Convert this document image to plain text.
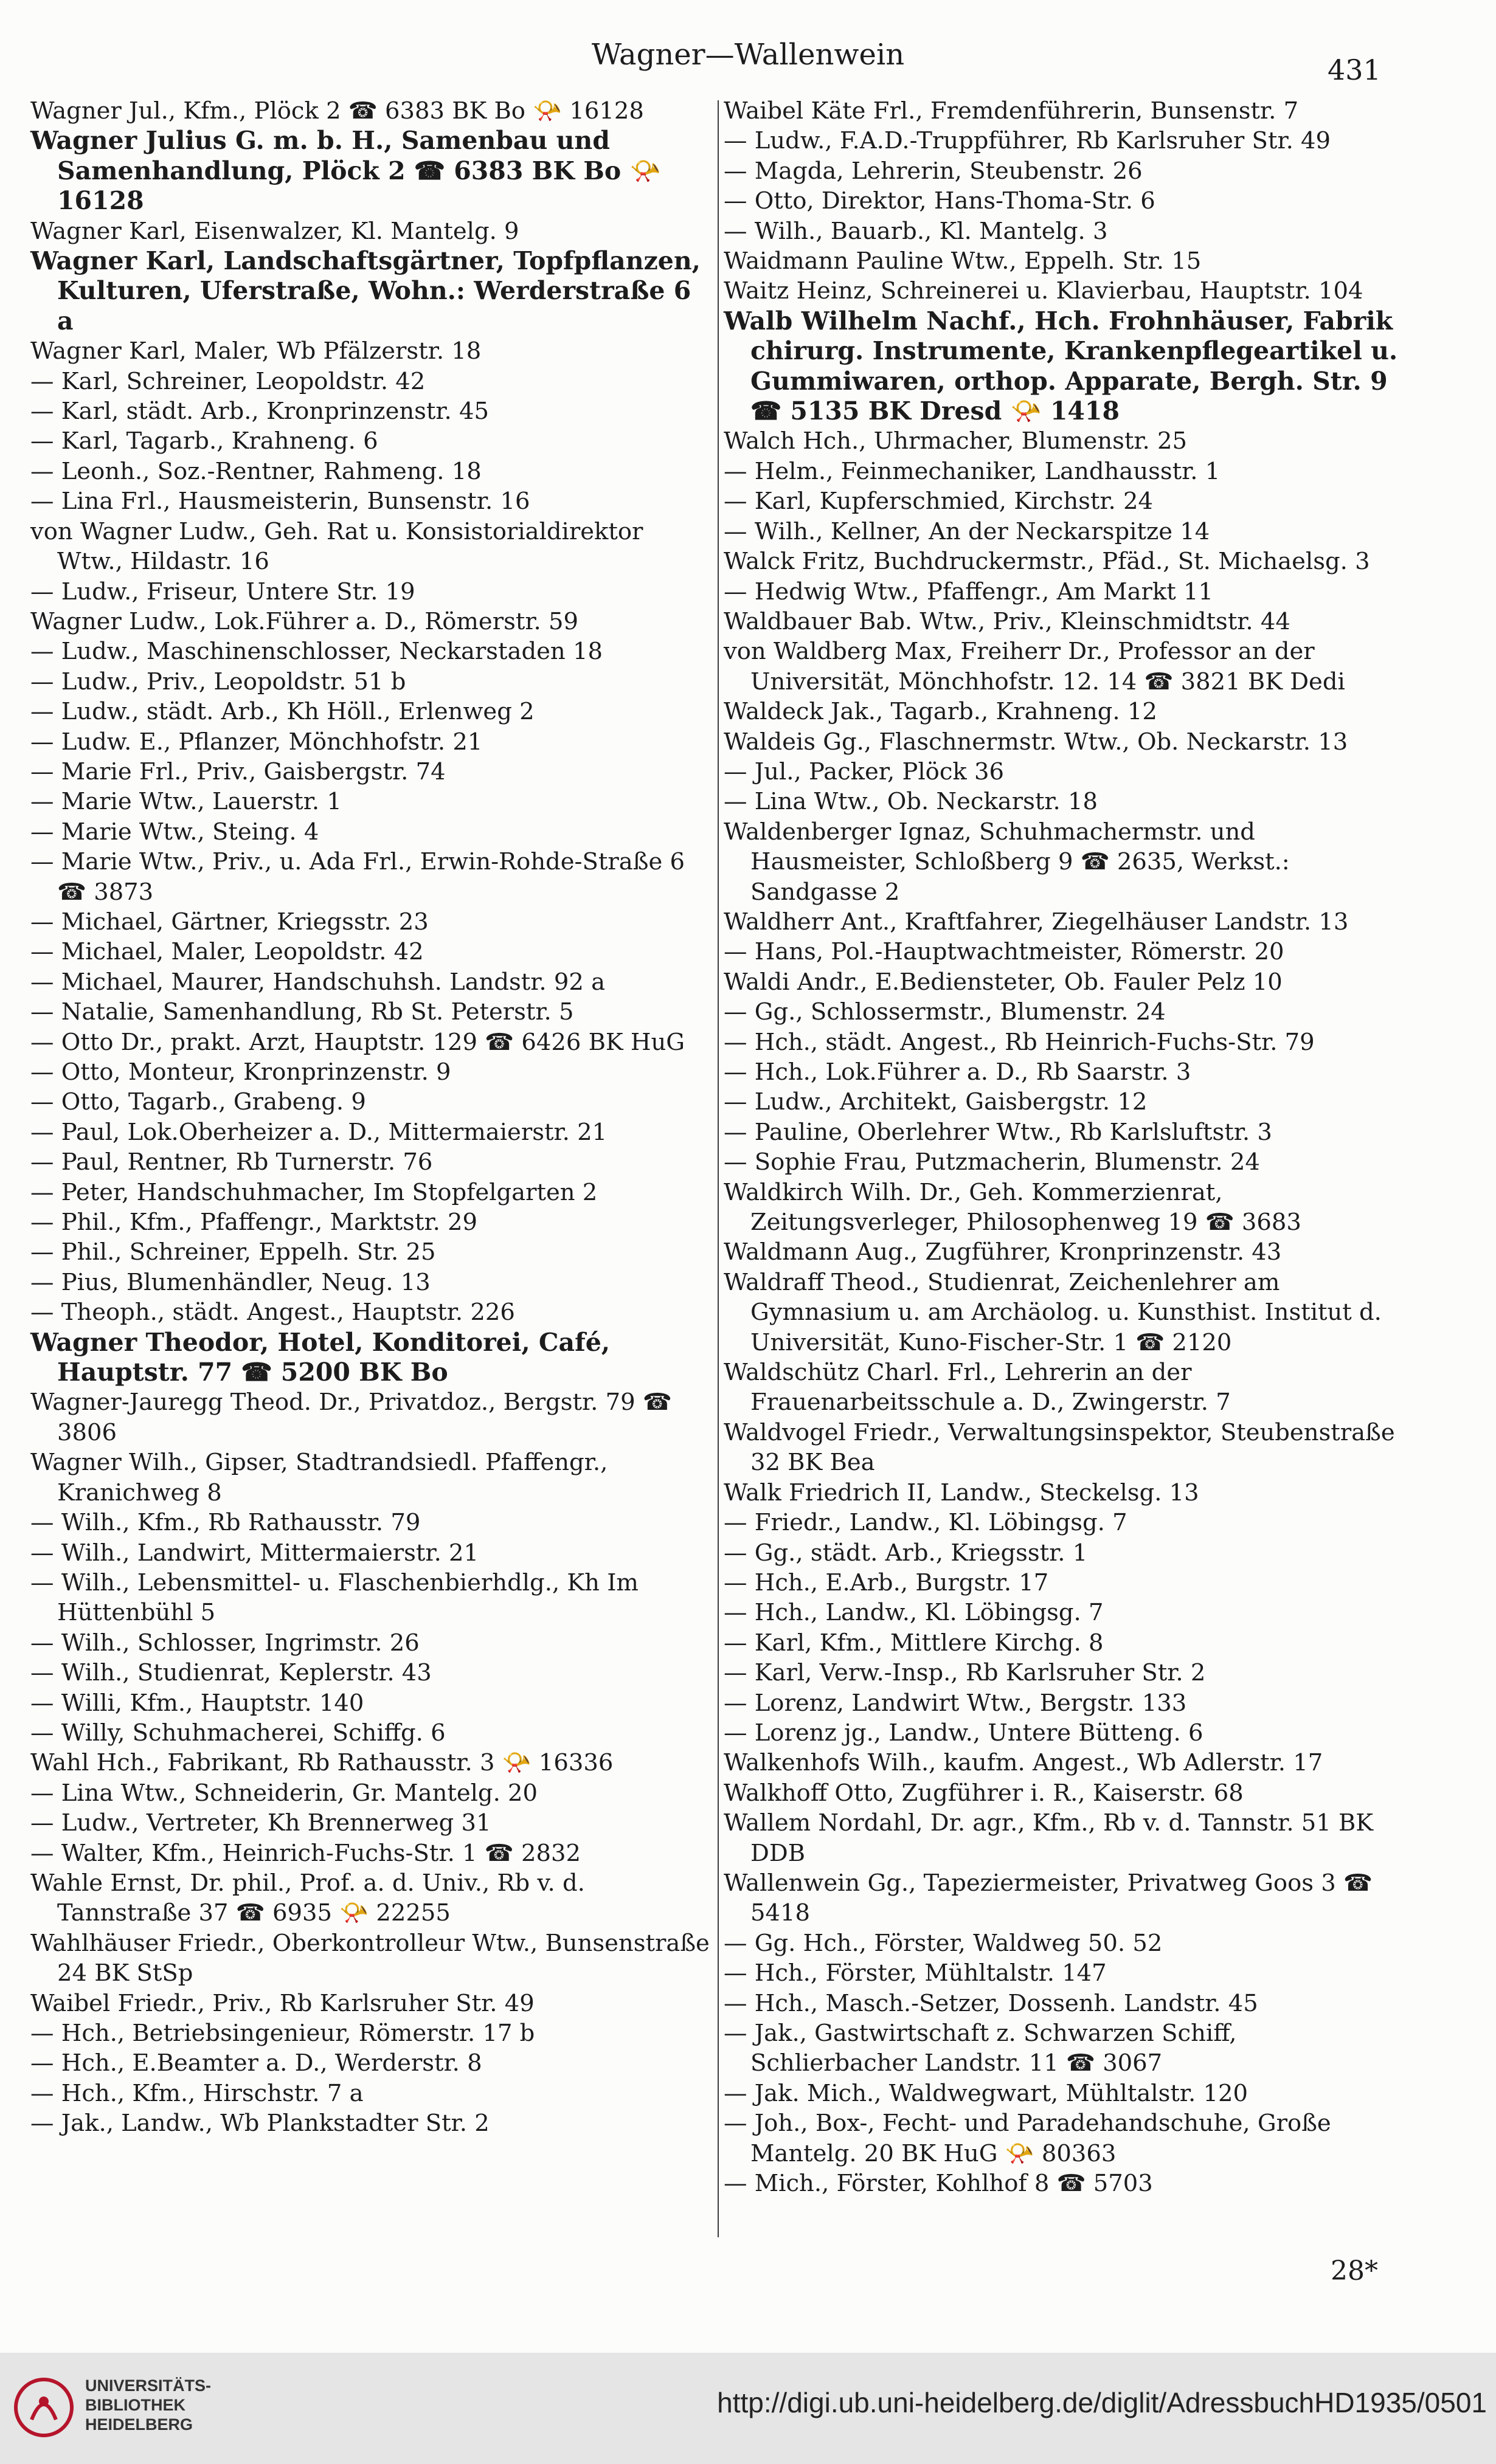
Wagner—Wallenwein	431

Wagner Jul., Kfm., Plöck 2 ☎ 6383 BK Bo 📯 16128

Wagner Julius G. m. b. H., Samenbau und Samenhandlung, Plöck 2 ☎ 6383 BK Bo 📯 16128

Wagner Karl, Eisenwalzer, Kl. Mantelg. 9

Wagner Karl, Landschaftsgärtner, Topfpflanzen, Kulturen, Uferstraße, Wohn.: Werderstraße 6 a

Wagner Karl, Maler, Wb Pfälzerstr. 18

— Karl, Schreiner, Leopoldstr. 42

— Karl, städt. Arb., Kronprinzenstr. 45

— Karl, Tagarb., Krahneng. 6

— Leonh., Soz.-Rentner, Rahmeng. 18

— Lina Frl., Hausmeisterin, Bunsenstr. 16

von Wagner Ludw., Geh. Rat u. Konsistorialdirektor Wtw., Hildastr. 16

— Ludw., Friseur, Untere Str. 19

Wagner Ludw., Lok.Führer a. D., Römerstr. 59

— Ludw., Maschinenschlosser, Neckarstaden 18

— Ludw., Priv., Leopoldstr. 51 b

— Ludw., städt. Arb., Kh Höll., Erlenweg 2

— Ludw. E., Pflanzer, Mönchhofstr. 21

— Marie Frl., Priv., Gaisbergstr. 74

— Marie Wtw., Lauerstr. 1

— Marie Wtw., Steing. 4

— Marie Wtw., Priv., u. Ada Frl., Erwin-Rohde-Straße 6 ☎ 3873

— Michael, Gärtner, Kriegsstr. 23

— Michael, Maler, Leopoldstr. 42

— Michael, Maurer, Handschuhsh. Landstr. 92 a

— Natalie, Samenhandlung, Rb St. Peterstr. 5

— Otto Dr., prakt. Arzt, Hauptstr. 129 ☎ 6426 BK HuG

— Otto, Monteur, Kronprinzenstr. 9

— Otto, Tagarb., Grabeng. 9

— Paul, Lok.Oberheizer a. D., Mittermaierstr. 21

— Paul, Rentner, Rb Turnerstr. 76

— Peter, Handschuhmacher, Im Stopfelgarten 2

— Phil., Kfm., Pfaffengr., Marktstr. 29

— Phil., Schreiner, Eppelh. Str. 25

— Pius, Blumenhändler, Neug. 13

— Theoph., städt. Angest., Hauptstr. 226

Wagner Theodor, Hotel, Konditorei, Café, Hauptstr. 77 ☎ 5200 BK Bo

Wagner-Jauregg Theod. Dr., Privatdoz., Bergstr. 79 ☎ 3806

Wagner Wilh., Gipser, Stadtrandsiedl. Pfaffengr., Kranichweg 8

— Wilh., Kfm., Rb Rathausstr. 79

— Wilh., Landwirt, Mittermaierstr. 21

— Wilh., Lebensmittel- u. Flaschenbierhdlg., Kh Im Hüttenbühl 5

— Wilh., Schlosser, Ingrimstr. 26

— Wilh., Studienrat, Keplerstr. 43

— Willi, Kfm., Hauptstr. 140

— Willy, Schuhmacherei, Schiffg. 6

Wahl Hch., Fabrikant, Rb Rathausstr. 3 📯 16336

— Lina Wtw., Schneiderin, Gr. Mantelg. 20

— Ludw., Vertreter, Kh Brennerweg 31

— Walter, Kfm., Heinrich-Fuchs-Str. 1 ☎ 2832

Wahle Ernst, Dr. phil., Prof. a. d. Univ., Rb v. d. Tannstraße 37 ☎ 6935 📯 22255

Wahlhäuser Friedr., Oberkontrolleur Wtw., Bunsenstraße 24 BK StSp

Waibel Friedr., Priv., Rb Karlsruher Str. 49

— Hch., Betriebsingenieur, Römerstr. 17 b

— Hch., E.Beamter a. D., Werderstr. 8

— Hch., Kfm., Hirschstr. 7 a

— Jak., Landw., Wb Plankstadter Str. 2

Waibel Käte Frl., Fremdenführerin, Bunsenstr. 7

— Ludw., F.A.D.-Truppführer, Rb Karlsruher Str. 49

— Magda, Lehrerin, Steubenstr. 26

— Otto, Direktor, Hans-Thoma-Str. 6

— Wilh., Bauarb., Kl. Mantelg. 3

Waidmann Pauline Wtw., Eppelh. Str. 15

Waitz Heinz, Schreinerei u. Klavierbau, Hauptstr. 104

Walb Wilhelm Nachf., Hch. Frohnhäuser, Fabrik chirurg. Instrumente, Krankenpflegeartikel u. Gummiwaren, orthop. Apparate, Bergh. Str. 9 ☎ 5135 BK Dresd 📯 1418

Walch Hch., Uhrmacher, Blumenstr. 25

— Helm., Feinmechaniker, Landhausstr. 1

— Karl, Kupferschmied, Kirchstr. 24

— Wilh., Kellner, An der Neckarspitze 14

Walck Fritz, Buchdruckermstr., Pfäd., St. Michaelsg. 3

— Hedwig Wtw., Pfaffengr., Am Markt 11

Waldbauer Bab. Wtw., Priv., Kleinschmidtstr. 44

von Waldberg Max, Freiherr Dr., Professor an der Universität, Mönchhofstr. 12. 14 ☎ 3821 BK Dedi

Waldeck Jak., Tagarb., Krahneng. 12

Waldeis Gg., Flaschnermstr. Wtw., Ob. Neckarstr. 13

— Jul., Packer, Plöck 36

— Lina Wtw., Ob. Neckarstr. 18

Waldenberger Ignaz, Schuhmachermstr. und Hausmeister, Schloßberg 9 ☎ 2635, Werkst.: Sandgasse 2

Waldherr Ant., Kraftfahrer, Ziegelhäuser Landstr. 13

— Hans, Pol.-Hauptwachtmeister, Römerstr. 20

Waldi Andr., E.Bediensteter, Ob. Fauler Pelz 10

— Gg., Schlossermstr., Blumenstr. 24

— Hch., städt. Angest., Rb Heinrich-Fuchs-Str. 79

— Hch., Lok.Führer a. D., Rb Saarstr. 3

— Ludw., Architekt, Gaisbergstr. 12

— Pauline, Oberlehrer Wtw., Rb Karlsluftstr. 3

— Sophie Frau, Putzmacherin, Blumenstr. 24

Waldkirch Wilh. Dr., Geh. Kommerzienrat, Zeitungsverleger, Philosophenweg 19 ☎ 3683

Waldmann Aug., Zugführer, Kronprinzenstr. 43

Waldraff Theod., Studienrat, Zeichenlehrer am Gymnasium u. am Archäolog. u. Kunsthist. Institut d. Universität, Kuno-Fischer-Str. 1 ☎ 2120

Waldschütz Charl. Frl., Lehrerin an der Frauenarbeitsschule a. D., Zwingerstr. 7

Waldvogel Friedr., Verwaltungsinspektor, Steubenstraße 32 BK Bea

Walk Friedrich II, Landw., Steckelsg. 13

— Friedr., Landw., Kl. Löbingsg. 7

— Gg., städt. Arb., Kriegsstr. 1

— Hch., E.Arb., Burgstr. 17

— Hch., Landw., Kl. Löbingsg. 7

— Karl, Kfm., Mittlere Kirchg. 8

— Karl, Verw.-Insp., Rb Karlsruher Str. 2

— Lorenz, Landwirt Wtw., Bergstr. 133

— Lorenz jg., Landw., Untere Bütteng. 6

Walkenhofs Wilh., kaufm. Angest., Wb Adlerstr. 17

Walkhoff Otto, Zugführer i. R., Kaiserstr. 68

Wallem Nordahl, Dr. agr., Kfm., Rb v. d. Tannstr. 51 BK DDB

Wallenwein Gg., Tapeziermeister, Privatweg Goos 3 ☎ 5418

— Gg. Hch., Förster, Waldweg 50. 52

— Hch., Förster, Mühltalstr. 147

— Hch., Masch.-Setzer, Dossenh. Landstr. 45

— Jak., Gastwirtschaft z. Schwarzen Schiff, Schlierbacher Landstr. 11 ☎ 3067

— Jak. Mich., Waldwegwart, Mühltalstr. 120

— Joh., Box-, Fecht- und Paradehandschuhe, Große Mantelg. 20 BK HuG 📯 80363

— Mich., Förster, Kohlhof 8 ☎ 5703

28*
UNIVERSITÄTS-
BIBLIOTHEK
HEIDELBERG
http://digi.ub.uni-heidelberg.de/diglit/AdressbuchHD1935/0501
